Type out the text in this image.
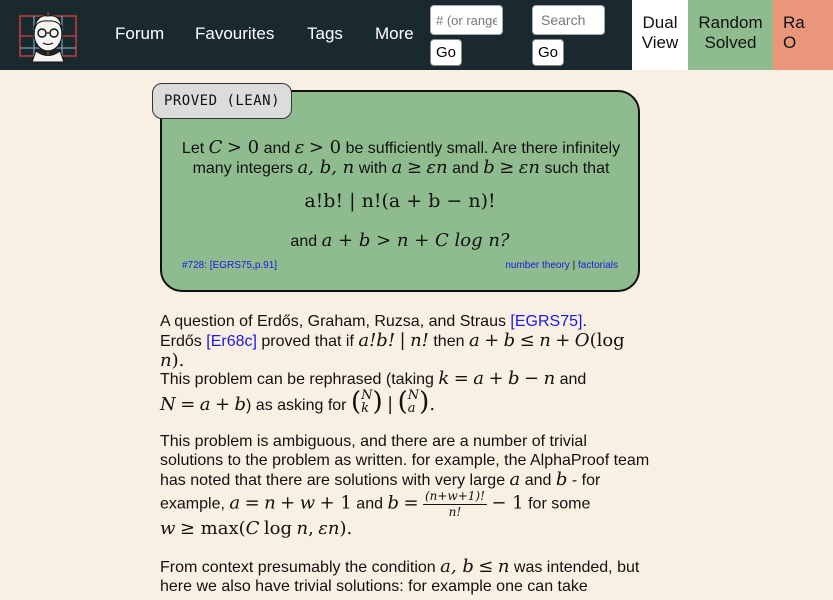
Forum Favourites Tags More
# (or range)
Go
Search	Go
Dual
View
Random
Solved
Ra
O
Let C > 0 and ε > 0 be sufficiently small. Are there infinitely
many integers a, b, n with a ≥ εn and b ≥ εn such that
a!b! | n!(a + b − n)!
and a + b > n + C log n?
#728: [EGRS75,p.91]	number theory | factorials
PROVED (LEAN)
A question of Erdős, Graham, Ruzsa, and Straus [EGRS75].
Erdős [Er68c] proved that if a!b! | n! then a + b ≤ n + O(log n).
This problem can be rephrased (taking k = a + b − n and
N = a + b) as asking for ( N
k ) | ( N
a ) .
This problem is ambiguous, and there are a number of trivial solutions to the problem as written. for example, the AlphaProof team has noted that there are solutions with very large a and b - for example, a = n + w + 1 and $b = \frac{(n+w+1)!}{n!} - 1$ for some
w ≥ max(C log n, εn).
From context presumably the condition a, b ≤ n was intended, but here we also have trivial solutions: for example one can take
